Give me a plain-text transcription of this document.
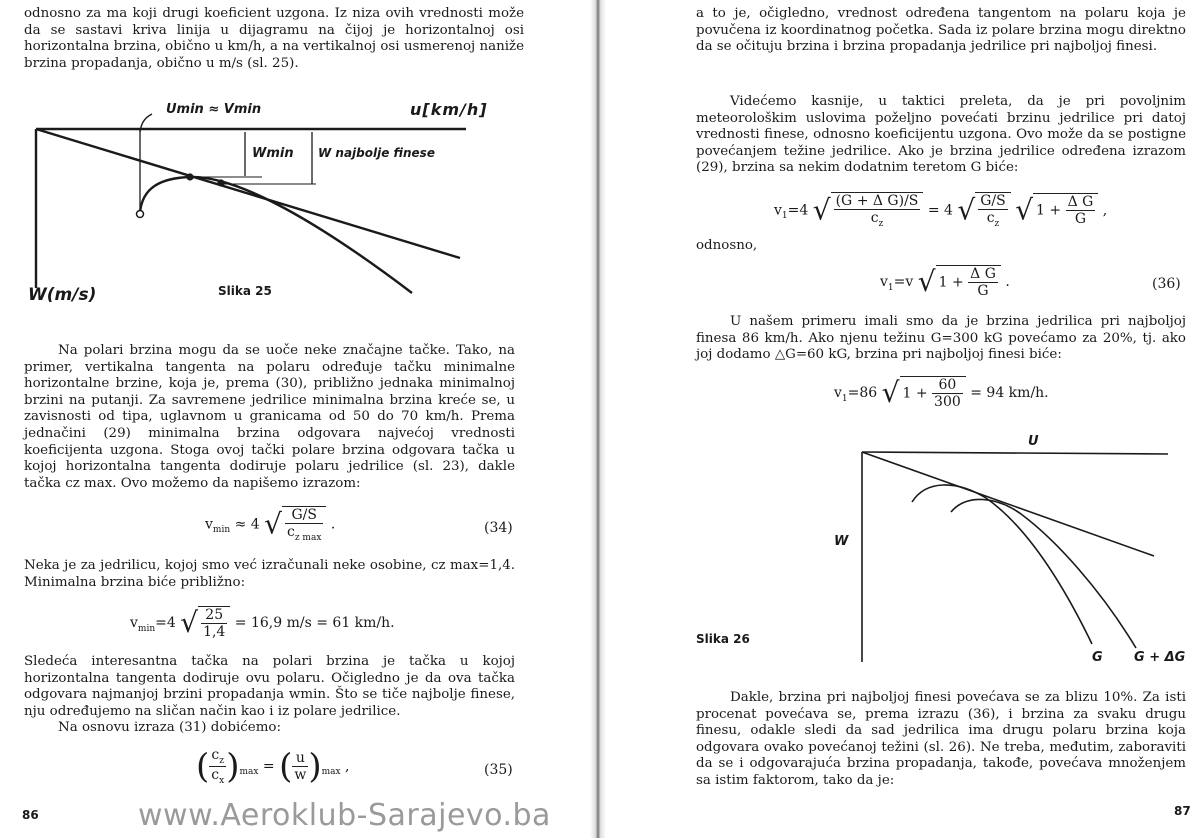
odnosno za ma koji drugi koeficient uzgona. Iz niza ovih vrednosti može da se sastavi kriva linija u dijagramu na čijoj je horizontalnoj osi horizontalna brzina, obično u km/h, a na vertikalnoj osi usmerenoj naniže brzina propadanja, obično u m/s (sl. 25).

Umin ≈ Vmin	u[km/h]
Wmin W najbolje finese
W(m/s)	Slika 25

Na polari brzina mogu da se uoče neke značajne tačke. Tako, na primer, vertikalna tangenta na polaru određuje tačku minimalne horizontalne brzine, koja je, prema (30), približno jednaka minimalnoj brzini na putanji. Za savremene jedrilice minimalna brzina kreće se, u zavisnosti od tipa, uglavnom u granicama od 50 do 70 km/h. Prema jednačini (29) minimalna brzina odgovara najvećoj vrednosti koeficijenta uzgona. Stoga ovoj tački polare brzina odgovara tačka u kojoj horizontalna tangenta dodiruje polaru jedrilice (sl. 23), dakle tačka cz max. Ovo možemo da napišemo izrazom:

$v_{min} \approx 4$ √ $\frac{G/S}{c_{z max}}$ .	(34)

Neka je za jedrilicu, kojoj smo već izračunali neke osobine, cz max=1,4. Minimalna brzina biće približno:

$v_{min}=4$ √ $\frac{25}{1,4} = 16,9$ m/s = 61 km/h.

Sledeća interesantna tačka na polari brzina je tačka u kojoj horizontalna tangenta dodiruje ovu polaru. Očigledno je da ova tačka odgovara najmanjoj brzini propadanja wmin. Što se tiče najbolje finese, nju određujemo na sličan način kao i iz polare jedrilice.

Na osnovu izraza (31) dobićemo:

( $\frac{c_z}{c_x} )_{max}$ = ( $\frac{u}{w} )_{max}$ ,	(35)
86

a to je, očigledno, vrednost određena tangentom na polaru koja je povučena iz koordinatnog početka. Sada iz polare brzina mogu direktno da se očituju brzina i brzina propadanja jedrilice pri najboljoj finesi.

Videćemo kasnije, u taktici preleta, da je pri povoljnim meteorološkim uslovima poželjno povećati brzinu jedrilice pri datoj vrednosti finese, odnosno koeficijentu uzgona. Ovo može da se postigne povećanjem težine jedrilice. Ako je brzina jedrilice određena izrazom (29), brzina sa nekim dodatnim teretom G biće:

$v_1=4$ √ $\frac{\text{(G + Δ G)/S}}{c_z} = 4$ √ $\frac{G/S}{c_z}$ √ $1 + \frac{\text{Δ G}}{G}$ ,
odnosno,
$v_1=v$ √ $1 + \frac{\text{Δ G}}{G}$ .	(36)

U našem primeru imali smo da je brzina jedrilica pri najboljoj finesa 86 km/h. Ako njenu težinu G=300 kG povećamo za 20%, tj. ako joj dodamo △G=60 kG, brzina pri najboljoj finesi biće:

$v_1=86$ √ $1 + \frac{60}{300} = 94$ km/h.
U
W
Slika 26
G G + ΔG

Dakle, brzina pri najboljoj finesi povećava se za blizu 10%. Za isti procenat povećava se, prema izrazu (36), i brzina za svaku drugu finesu, odakle sledi da sad jedrilica ima drugu polaru brzina koja odgovara ovako povećanoj težini (sl. 26). Ne treba, međutim, zaboraviti da se i odgovarajuća brzina propadanja, takođe, povećava množenjem sa istim faktorom, tako da je:

87
www.Aeroklub-Sarajevo.ba
